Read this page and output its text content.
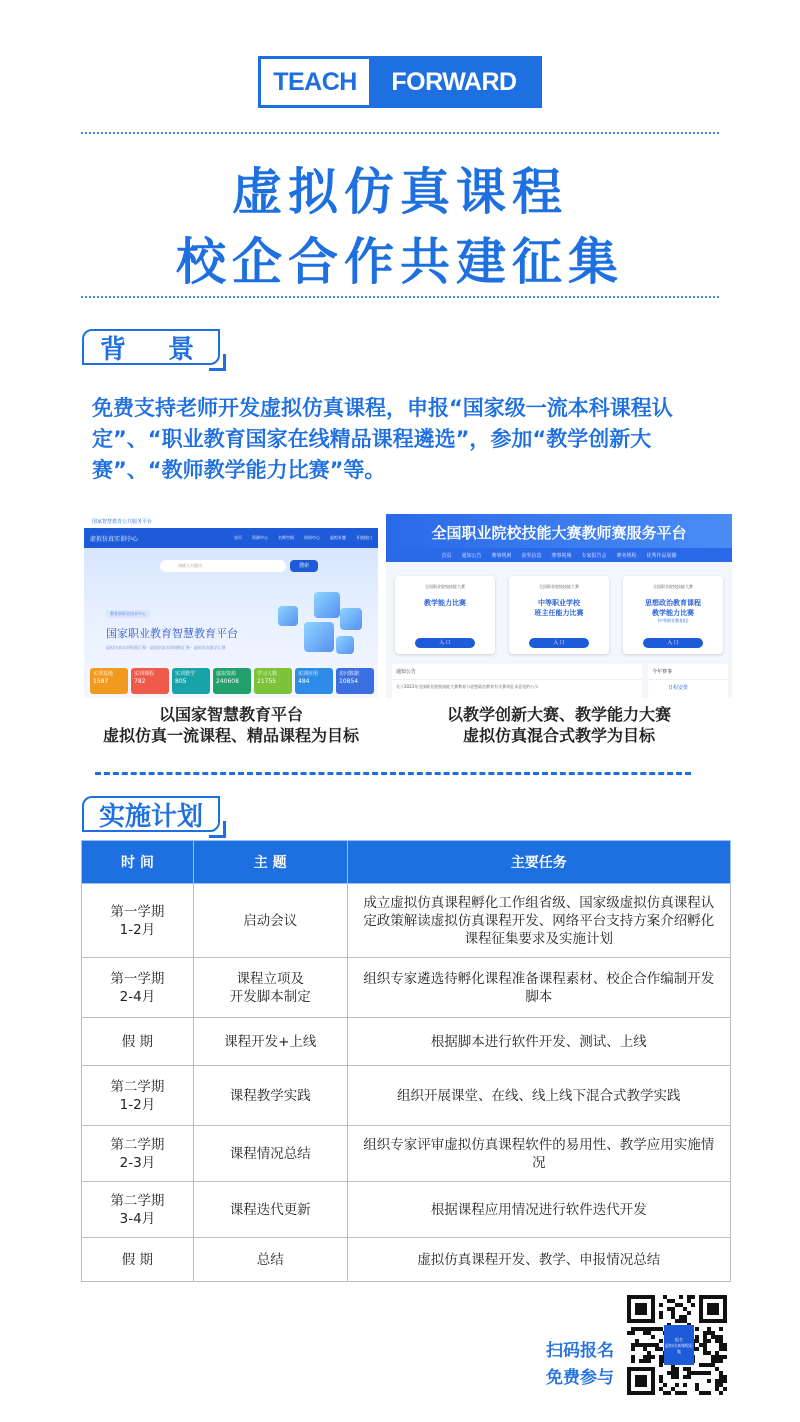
TEACH	FORWARD
虚拟仿真课程
校企合作共建征集
背　景
免费支持老师开发虚拟仿真课程，申报“国家级一流本科课程认定”、“职业教育国家在线精品课程遴选”，参加“教学创新大赛”、“教师教学能力比赛”等。
国家智慧教育公共服务平台
虚拟仿真实训中心	首页	资源中心	名师空间	培训中心	虚拟专题	开放接口
请输入关键词	搜索
教育部职业技术中心
国家职业教育智慧教育平台
虚拟仿真实训资源汇聚 · 虚拟仿真实训课程汇聚 · 虚拟仿真教学汇聚
实训基地
1587
实训课程
782
实训教学
805
虚拟资源
240608
学习人数
21755
实训应用
484
访问数据
10854
全国职业院校技能大赛教师赛服务平台
首页 通知公告 赛事规则 获奖信息 赛事视频 专家报告会 赛务规程 优秀作品展播
全国职业院校技能大赛
教学能力比赛
入 口
全国职业院校技能大赛
中等职业学校
班主任能力比赛
入 口
全国职业院校技能大赛
思想政治教育课程
教学能力比赛
(中等职业教育组)
入 口
通知公告
关于2023年全国职业院校技能大赛教育与思想政治教育有关赛项征求意见的公示
今年赛事
日程安排
以国家智慧教育平台
虚拟仿真一流课程、精品课程为目标
以教学创新大赛、教学能力大赛
虚拟仿真混合式教学为目标
实施计划
时 间	主 题	主要任务
第一学期
1-2月	启动会议	成立虚拟仿真课程孵化工作组省级、国家级虚拟仿真课程认定政策解读虚拟仿真课程开发、网络平台支持方案介绍孵化课程征集要求及实施计划
第一学期
2-4月	课程立项及
开发脚本制定	组织专家遴选待孵化课程准备课程素材、校企合作编制开发脚本
假 期	课程开发+上线	根据脚本进行软件开发、测试、上线
第二学期
1-2月	课程教学实践	组织开展课堂、在线、线上线下混合式教学实践
第二学期
2-3月	课程情况总结	组织专家评审虚拟仿真课程软件的易用性、教学应用实施情况
第二学期
3-4月	课程迭代更新	根据课程应用情况进行软件迭代开发
假 期	总结	虚拟仿真课程开发、教学、申报情况总结
扫码报名
免费参与
报名
虚拟仿真课程征集
